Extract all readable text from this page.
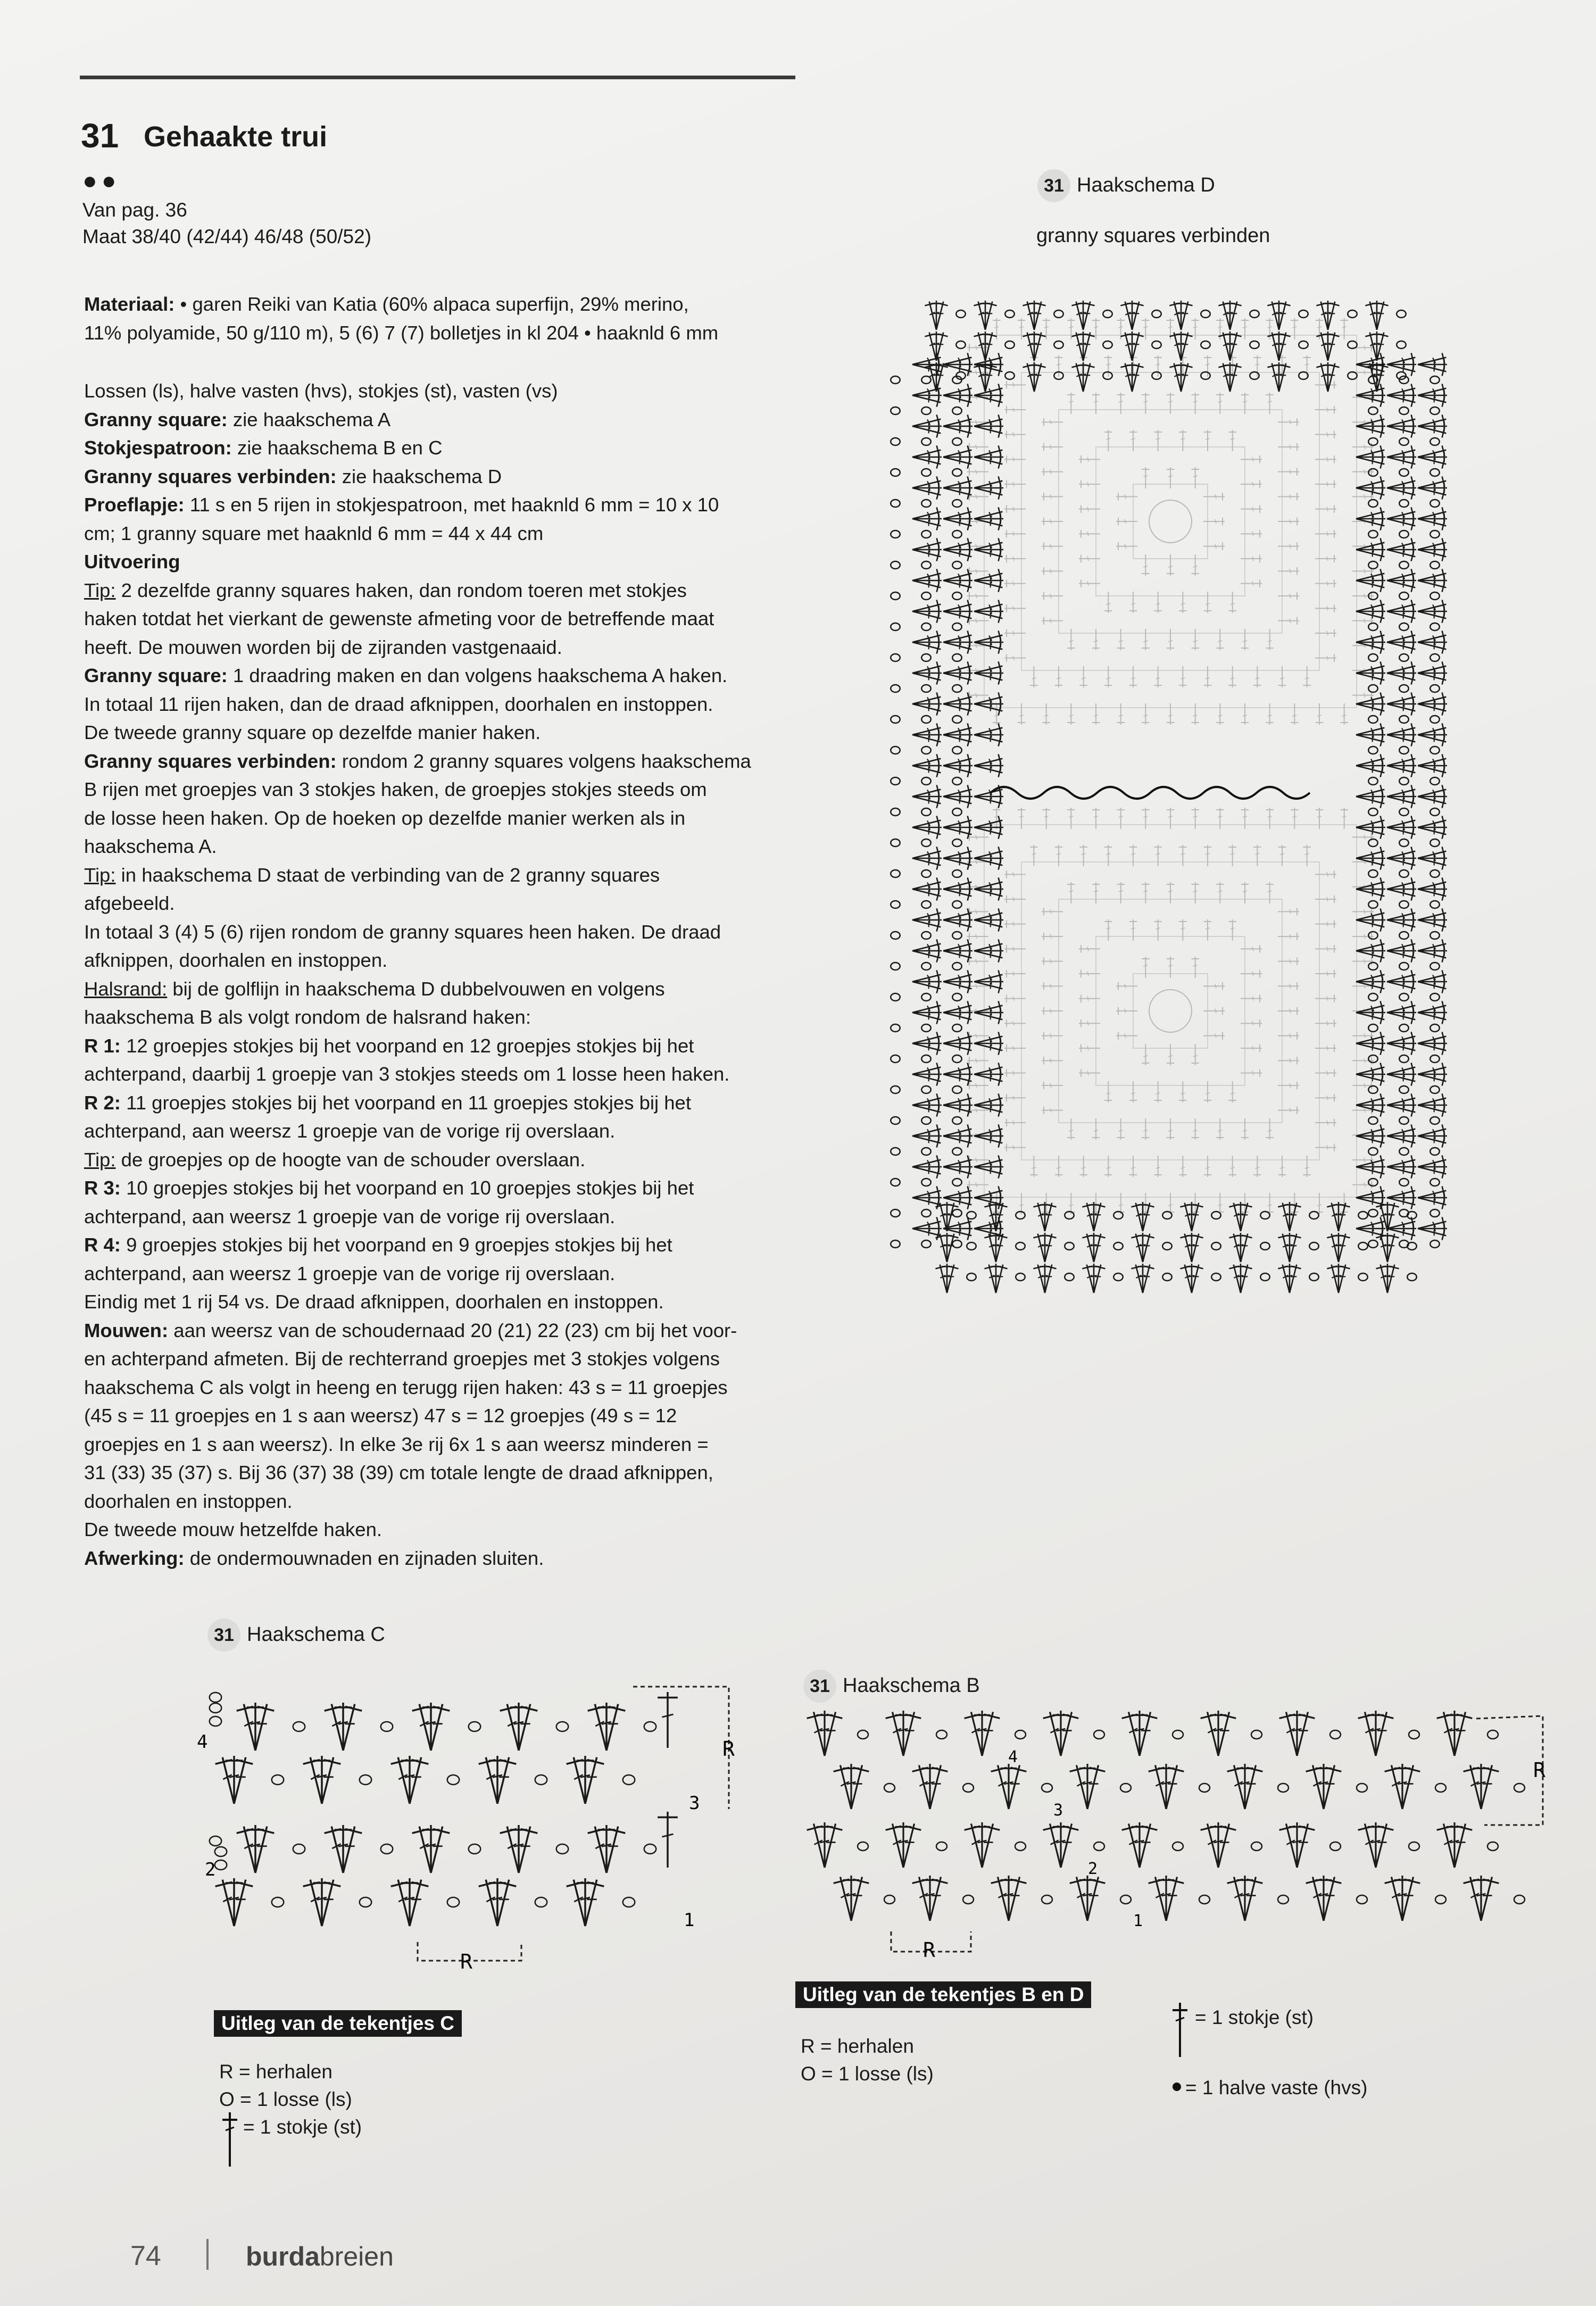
31 Gehaakte trui
●●
Van pag. 36
Maat 38/40 (42/44) 46/48 (50/52)

Materiaal: • garen Reiki van Katia (60% alpaca superfijn, 29% merino,

11% polyamide, 50 g/110 m), 5 (6) 7 (7) bolletjes in kl 204 • haaknld 6 mm

Lossen (ls), halve vasten (hvs), stokjes (st), vasten (vs)

Granny square: zie haakschema A

Stokjespatroon: zie haakschema B en C

Granny squares verbinden: zie haakschema D

Proeflapje: 11 s en 5 rijen in stokjespatroon, met haaknld 6 mm = 10 x 10

cm; 1 granny square met haaknld 6 mm = 44 x 44 cm

Uitvoering

Tip: 2 dezelfde granny squares haken, dan rondom toeren met stokjes

haken totdat het vierkant de gewenste afmeting voor de betreffende maat

heeft. De mouwen worden bij de zijranden vastgenaaid.

Granny square: 1 draadring maken en dan volgens haakschema A haken.

In totaal 11 rijen haken, dan de draad afknippen, doorhalen en instoppen.

De tweede granny square op dezelfde manier haken.

Granny squares verbinden: rondom 2 granny squares volgens haakschema

B rijen met groepjes van 3 stokjes haken, de groepjes stokjes steeds om

de losse heen haken. Op de hoeken op dezelfde manier werken als in

haakschema A.

Tip: in haakschema D staat de verbinding van de 2 granny squares

afgebeeld.

In totaal 3 (4) 5 (6) rijen rondom de granny squares heen haken. De draad

afknippen, doorhalen en instoppen.

Halsrand: bij de golflijn in haakschema D dubbelvouwen en volgens

haakschema B als volgt rondom de halsrand haken:

R 1: 12 groepjes stokjes bij het voorpand en 12 groepjes stokjes bij het

achterpand, daarbij 1 groepje van 3 stokjes steeds om 1 losse heen haken.

R 2: 11 groepjes stokjes bij het voorpand en 11 groepjes stokjes bij het

achterpand, aan weersz 1 groepje van de vorige rij overslaan.

Tip: de groepjes op de hoogte van de schouder overslaan.

R 3: 10 groepjes stokjes bij het voorpand en 10 groepjes stokjes bij het

achterpand, aan weersz 1 groepje van de vorige rij overslaan.

R 4: 9 groepjes stokjes bij het voorpand en 9 groepjes stokjes bij het

achterpand, aan weersz 1 groepje van de vorige rij overslaan.

Eindig met 1 rij 54 vs. De draad afknippen, doorhalen en instoppen.

Mouwen: aan weersz van de schoudernaad 20 (21) 22 (23) cm bij het voor-

en achterpand afmeten. Bij de rechterrand groepjes met 3 stokjes volgens

haakschema C als volgt in heeng en terugg rijen haken: 43 s = 11 groepjes

(45 s = 11 groepjes en 1 s aan weersz) 47 s = 12 groepjes (49 s = 12

groepjes en 1 s aan weersz). In elke 3e rij 6x 1 s aan weersz minderen =

31 (33) 35 (37) s. Bij 36 (37) 38 (39) cm totale lengte de draad afknippen,

doorhalen en instoppen.

De tweede mouw hetzelfde haken.

Afwerking: de ondermouwnaden en zijnaden sluiten.

31 Haakschema D
granny squares verbinden
31 Haakschema C
4
3
2
1
R
R
31 Haakschema B
4
3
2
1
R
R
Uitleg van de tekentjes C
R = herhalen
O = 1 losse (ls)
= 1 stokje (st)
Uitleg van de tekentjes B en D
R = herhalen
O = 1 losse (ls)
= 1 stokje (st)
= 1 halve vaste (hvs)
74	burdabreien
